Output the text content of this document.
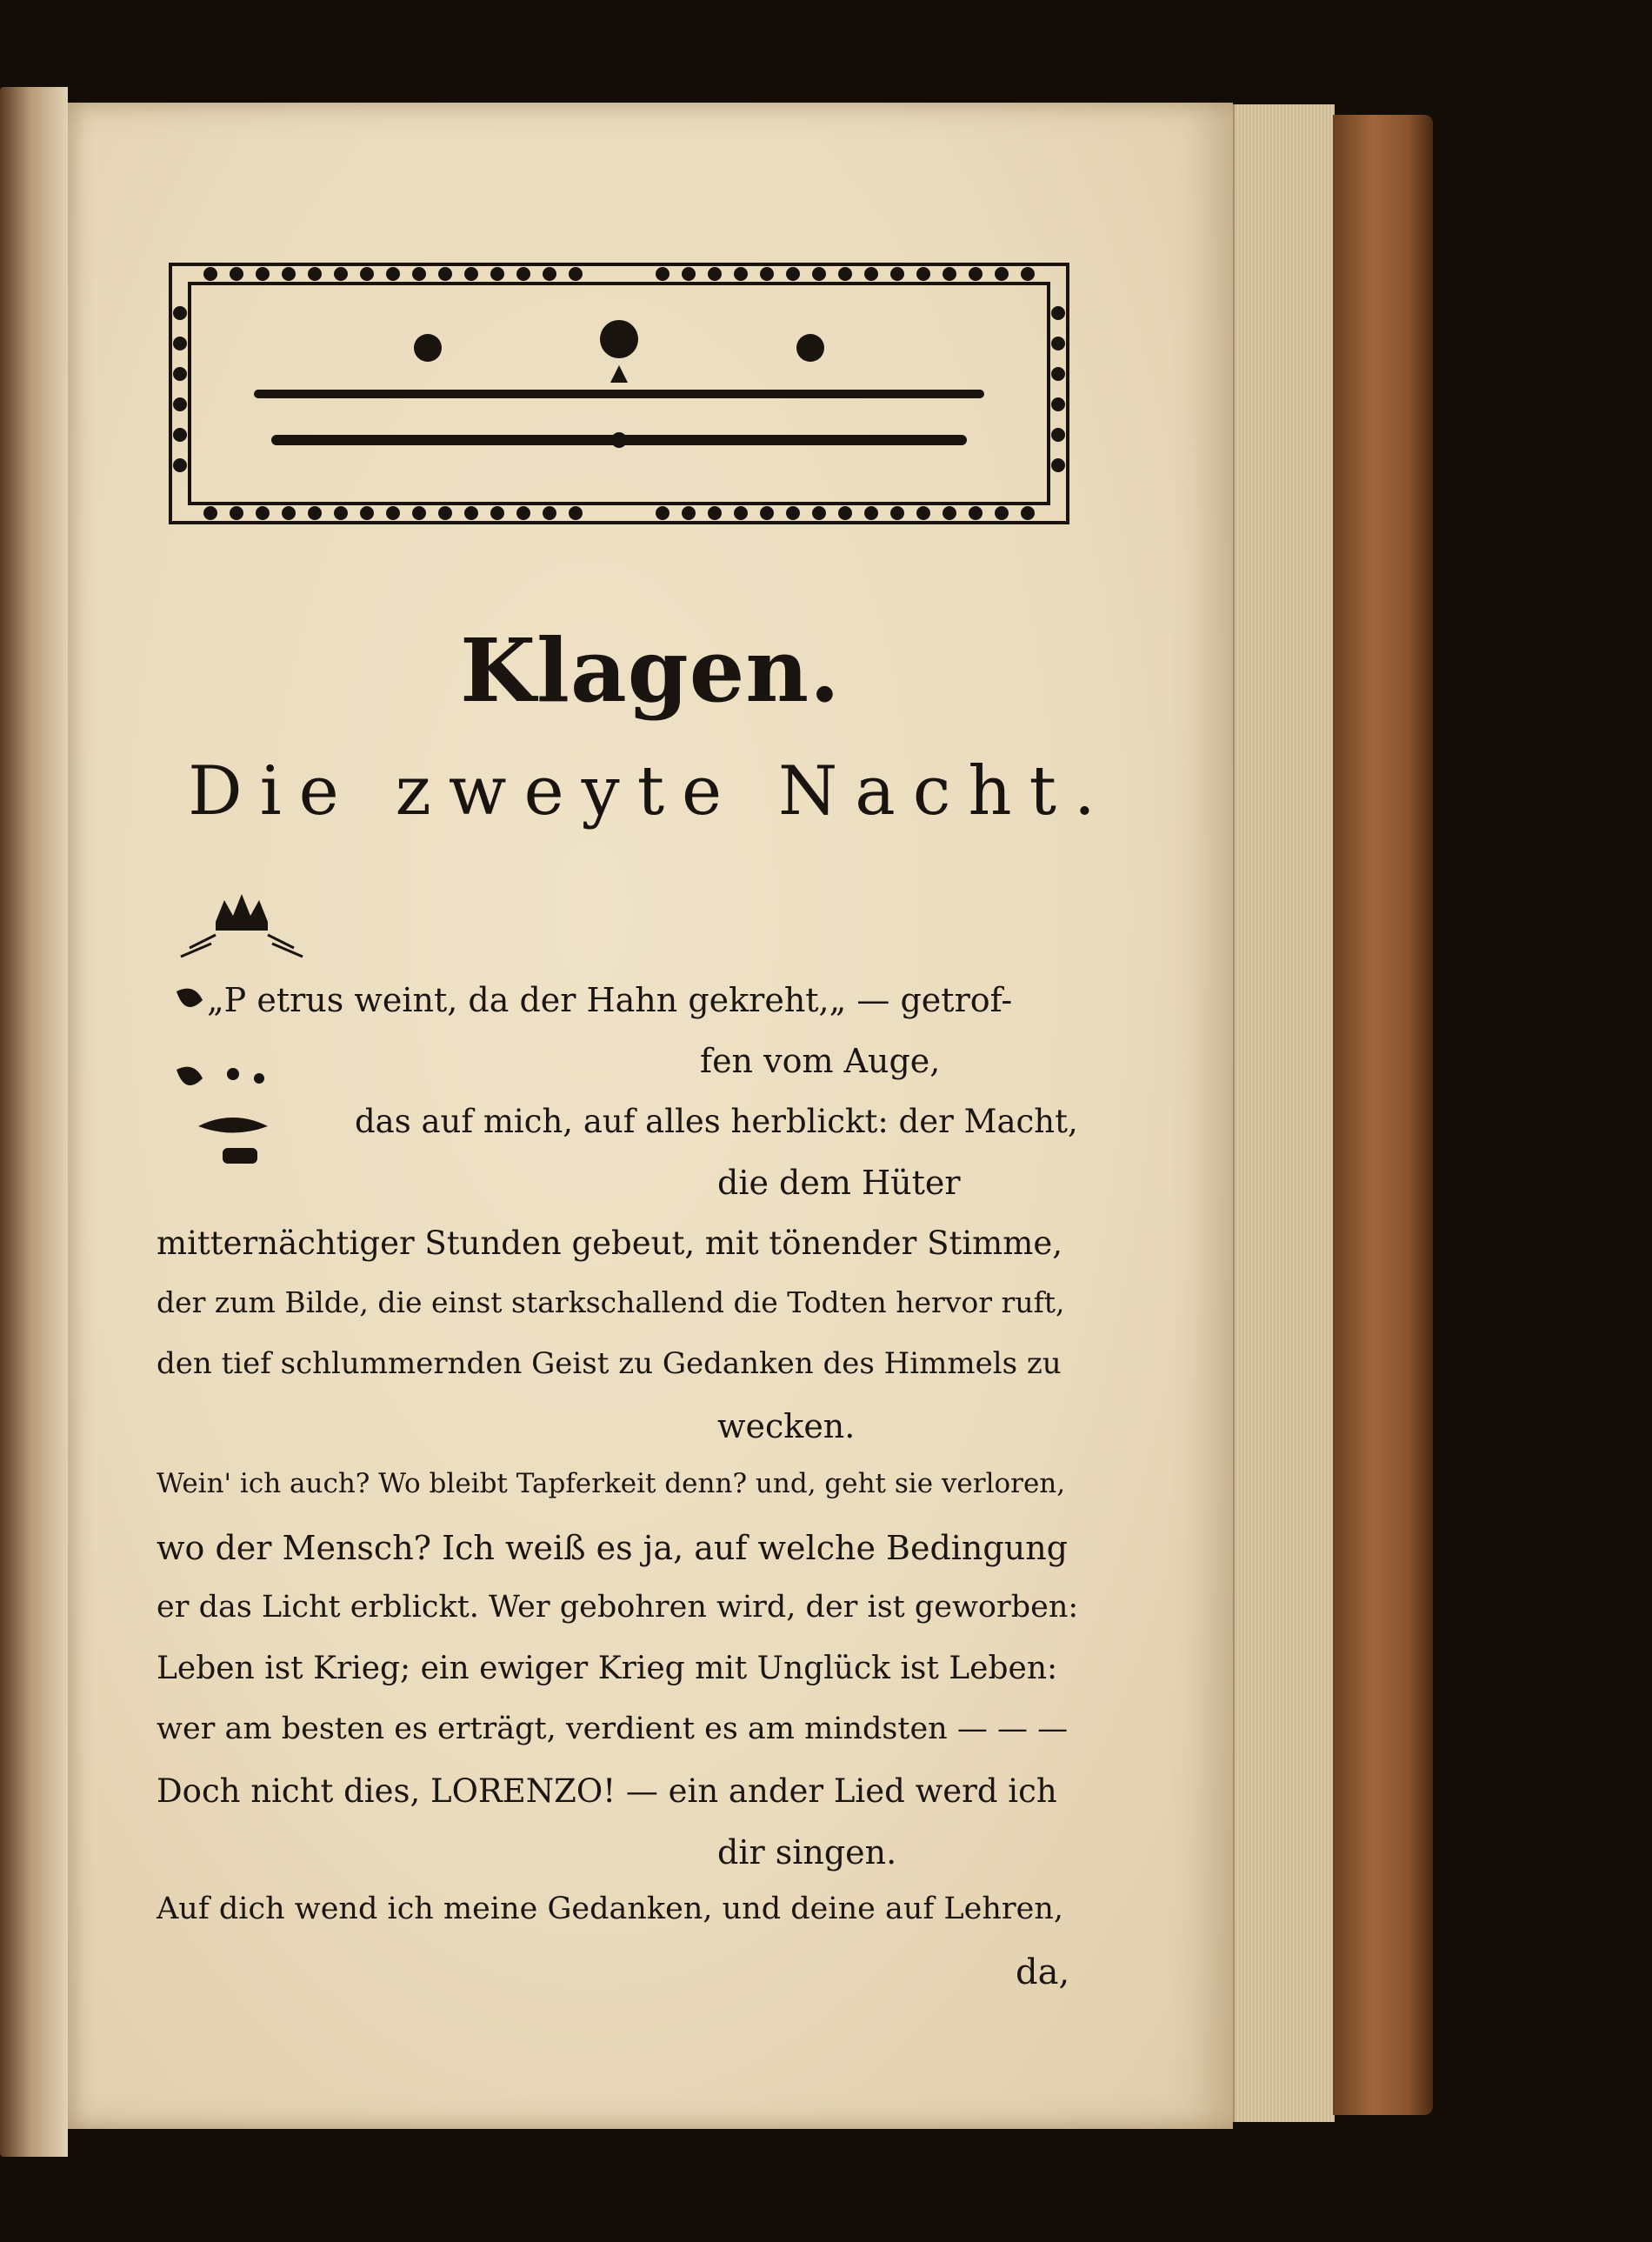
Klagen.
Die zweyte Nacht.
„P etrus weint, da der Hahn gekreht,„ — getrof-
fen vom Auge,
das auf mich, auf alles herblickt: der Macht,
die dem Hüter
mitternächtiger Stunden gebeut, mit tönender Stimme,
der zum Bilde, die einst starkschallend die Todten hervor ruft,
den tief schlummernden Geist zu Gedanken des Himmels zu
wecken.
Wein' ich auch? Wo bleibt Tapferkeit denn? und, geht sie verloren,
wo der Mensch? Ich weiß es ja, auf welche Bedingung
er das Licht erblickt. Wer gebohren wird, der ist geworben:
Leben ist Krieg; ein ewiger Krieg mit Unglück ist Leben:
wer am besten es erträgt, verdient es am mindsten — — —
Doch nicht dies, LORENZO! — ein ander Lied werd ich
dir singen.
Auf dich wend ich meine Gedanken, und deine auf Lehren,
da,
